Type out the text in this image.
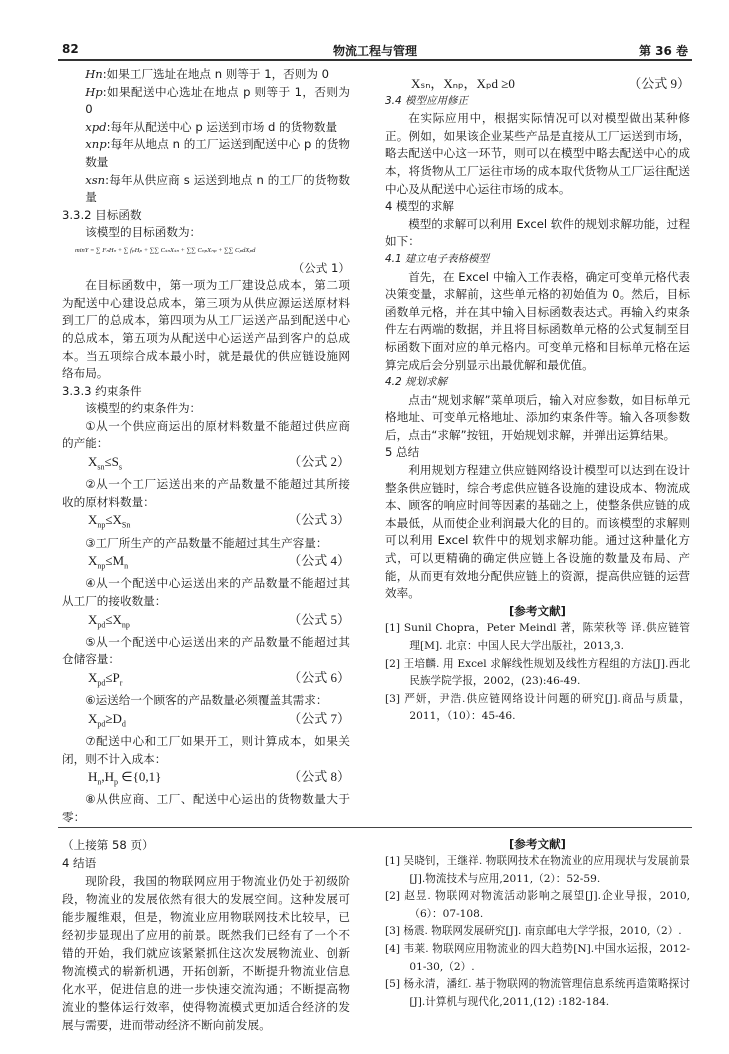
82	物流工程与管理	第 36 卷
Hn:如果工厂选址在地点 n 则等于 1，否则为 0
Hp:如果配送中心选址在地点 p 则等于 1，否则为 0
xpd:每年从配送中心 p 运送到市场 d 的货物数量
xnp:每年从地点 n 的工厂运送到配送中心 p 的货物数量
xsn:每年从供应商 s 运送到地点 n 的工厂的货物数量
3.3.2 目标函数

该模型的目标函数为：

minY = ∑ FₙHₙ + ∑ fₚHₚ + ∑∑ CₛₙXₛₙ + ∑∑ CₙₚXₙₚ + ∑∑ CₚdXₚd
（公式 1）

在目标函数中，第一项为工厂建设总成本，第二项为配送中心建设总成本，第三项为从供应源运送原材料到工厂的总成本，第四项为从工厂运送产品到配送中心的总成本，第五项为从配送中心运送产品到客户的总成本。当五项综合成本最小时，就是最优的供应链设施网络布局。

3.3.3 约束条件

该模型的约束条件为：

①从一个供应商运出的原材料数量不能超过供应商的产能：

$X_{sn}\le S_s$	（公式 2）

②从一个工厂运送出来的产品数量不能超过其所接收的原材料数量：

$X_{np}\le X_{Sn}$	（公式 3）

③工厂所生产的产品数量不能超过其生产容量：

$X_{np}\le M_n$	（公式 4）

④从一个配送中心运送出来的产品数量不能超过其从工厂的接收数量：

$X_{pd}\le X_{np}$	（公式 5）

⑤从一个配送中心运送出来的产品数量不能超过其仓储容量：

$X_{pd}\le P_r$	（公式 6）

⑥运送给一个顾客的产品数量必须覆盖其需求：

$X_{pd}\ge D_d$	（公式 7）

⑦配送中心和工厂如果开工，则计算成本，如果关闭，则不计入成本：

$H_n,H_p$ ∈{0,1}	（公式 8）

⑧从供应商、工厂、配送中心运出的货物数量大于零：

Xₛₙ，Xₙₚ，Xₚd ≥0	（公式 9）
3.4 模型应用修正

在实际应用中，根据实际情况可以对模型做出某种修正。例如，如果该企业某些产品是直接从工厂运送到市场，略去配送中心这一环节，则可以在模型中略去配送中心的成本，将货物从工厂运往市场的成本取代货物从工厂运往配送中心及从配送中心运往市场的成本。

4 模型的求解

模型的求解可以利用 Excel 软件的规划求解功能，过程如下：

4.1 建立电子表格模型

首先，在 Excel 中输入工作表格，确定可变单元格代表决策变量，求解前，这些单元格的初始值为 0。然后，目标函数单元格，并在其中输入目标函数表达式。再输入约束条件左右两端的数据，并且将目标函数单元格的公式复制至目标函数下面对应的单元格内。可变单元格和目标单元格在运算完成后会分别显示出最优解和最优值。

4.2 规划求解

点击“规划求解”菜单项后，输入对应参数，如目标单元格地址、可变单元格地址、添加约束条件等。输入各项参数后，点击“求解”按钮，开始规划求解，并弹出运算结果。

5 总结

利用规划方程建立供应链网络设计模型可以达到在设计整条供应链时，综合考虑供应链各设施的建设成本、物流成本、顾客的响应时间等因素的基础之上，使整条供应链的成本最低，从而使企业利润最大化的目的。而该模型的求解则可以利用 Excel 软件中的规划求解功能。通过这种量化方式，可以更精确的确定供应链上各设施的数量及布局、产能，从而更有效地分配供应链上的资源，提高供应链的运营效率。

[参考文献]
[1] Sunil Chopra，Peter Meindl 著，陈荣秋等 译.供应链管理[M]. 北京：中国人民大学出版社，2013,3.
[2] 王培麟. 用 Excel 求解线性规划及线性方程组的方法[J].西北民族学院学报，2002，(23):46-49.
[3] 严妍，尹浩.供应链网络设计问题的研究[J].商品与质量，2011，（10）：45-46.
（上接第 58 页）
4 结语

现阶段，我国的物联网应用于物流业仍处于初级阶段，物流业的发展依然有很大的发展空间。这种发展可能步履维艰，但是，物流业应用物联网技术比较早，已经初步显现出了应用的前景。既然我们已经有了一个不错的开始，我们就应该紧紧抓住这次发展物流业、创新物流模式的崭新机遇，开拓创新，不断提升物流业信息化水平，促进信息的进一步快速交流沟通；不断提高物流业的整体运行效率，使得物流模式更加适合经济的发展与需要，进而带动经济不断向前发展。

[参考文献]
[1] 吴晓钊，王继祥. 物联网技术在物流业的应用现状与发展前景[J].物流技术与应用,2011,（2）：52-59.
[2] 赵昱. 物联网对物流活动影响之展望[J].企业导报，2010,（6）：07-108.
[3] 杨震. 物联网发展研究[J]. 南京邮电大学学报，2010,（2）.
[4] 韦莱. 物联网应用物流业的四大趋势[N].中国水运报，2012-01-30,（2）.
[5] 杨永清，潘红. 基于物联网的物流管理信息系统再造策略探讨[J].计算机与现代化,2011,(12) :182-184.
